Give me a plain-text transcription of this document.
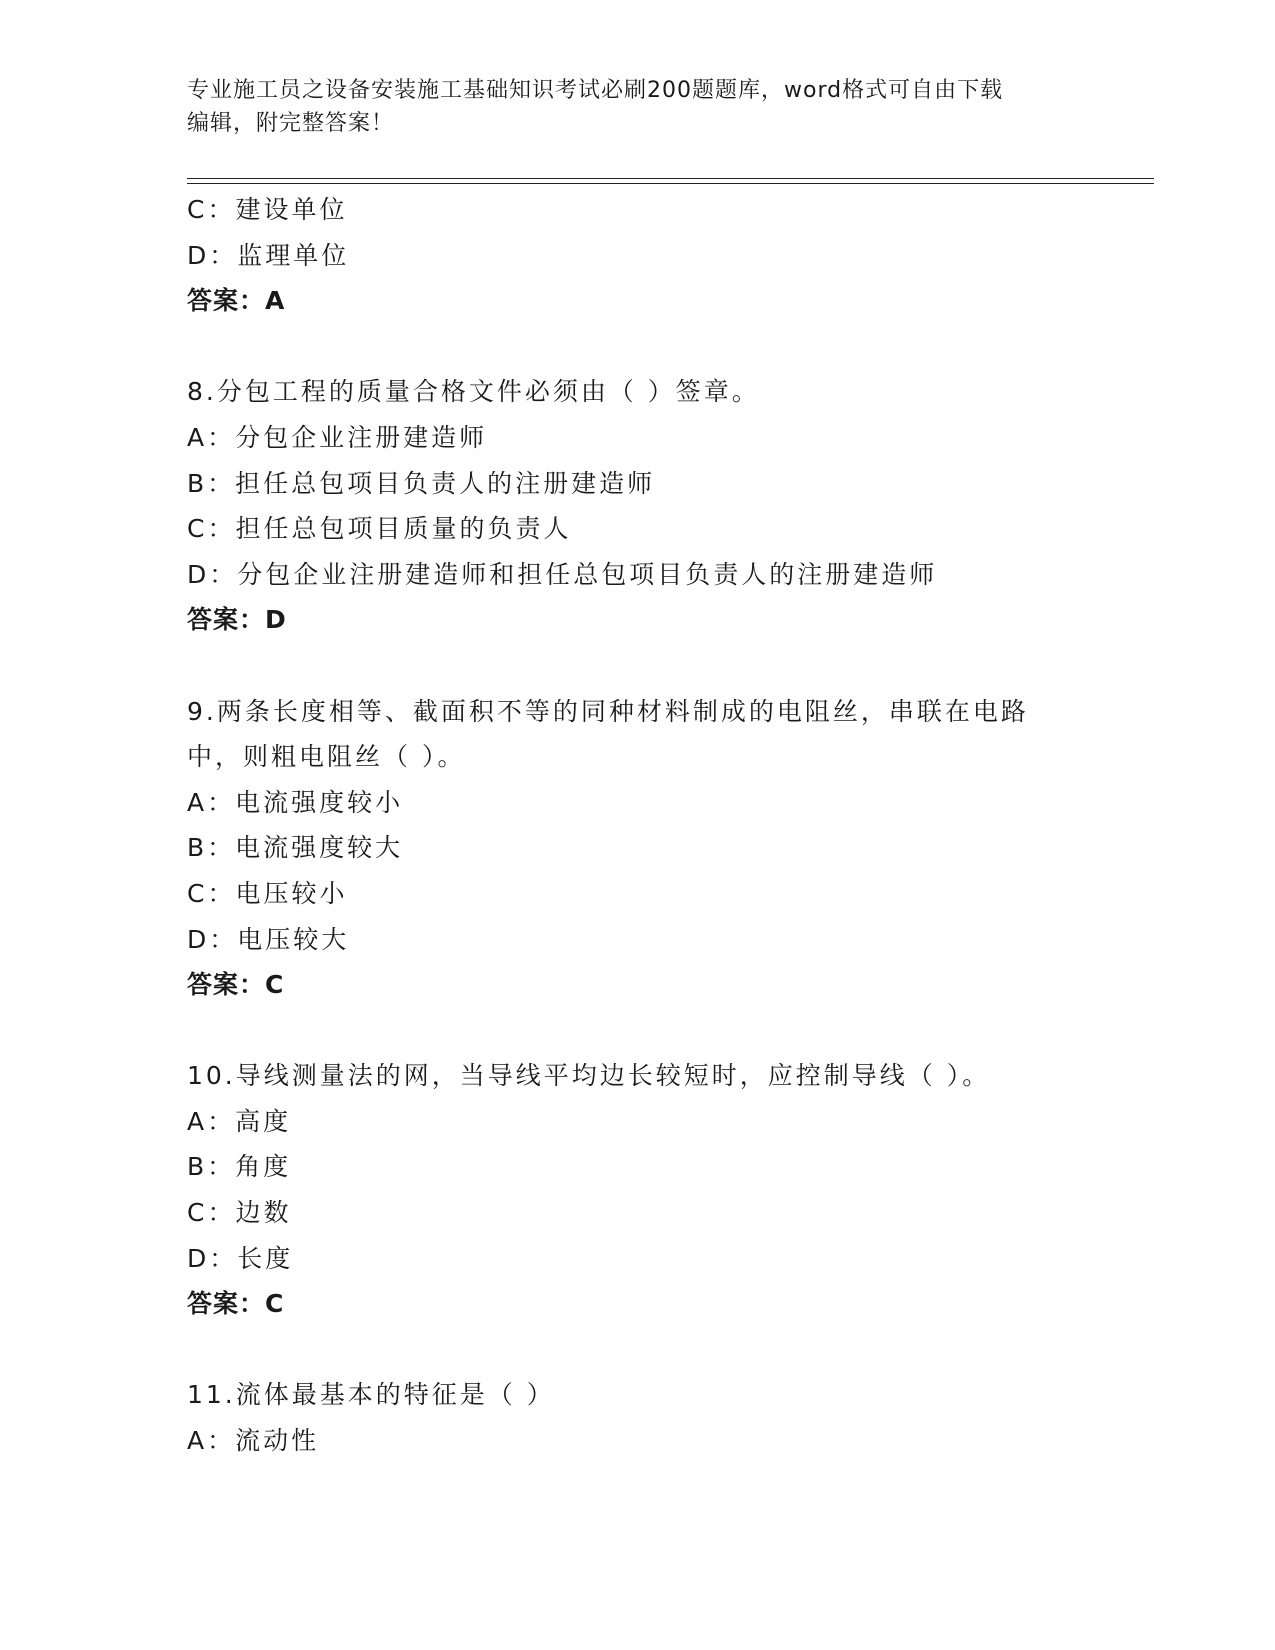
专业施工员之设备安装施工基础知识考试必刷200题题库，word格式可自由下载
编辑，附完整答案！
C：建设单位
D：监理单位
答案：A
8.分包工程的质量合格文件必须由（ ）签章。
A：分包企业注册建造师
B：担任总包项目负责人的注册建造师
C：担任总包项目质量的负责人
D：分包企业注册建造师和担任总包项目负责人的注册建造师
答案：D
9.两条长度相等、截面积不等的同种材料制成的电阻丝，串联在电路
中，则粗电阻丝（ ）。
A：电流强度较小
B：电流强度较大
C：电压较小
D：电压较大
答案：C
10.导线测量法的网，当导线平均边长较短时，应控制导线（ ）。
A：高度
B：角度
C：边数
D：长度
答案：C
11.流体最基本的特征是（ ）
A：流动性
